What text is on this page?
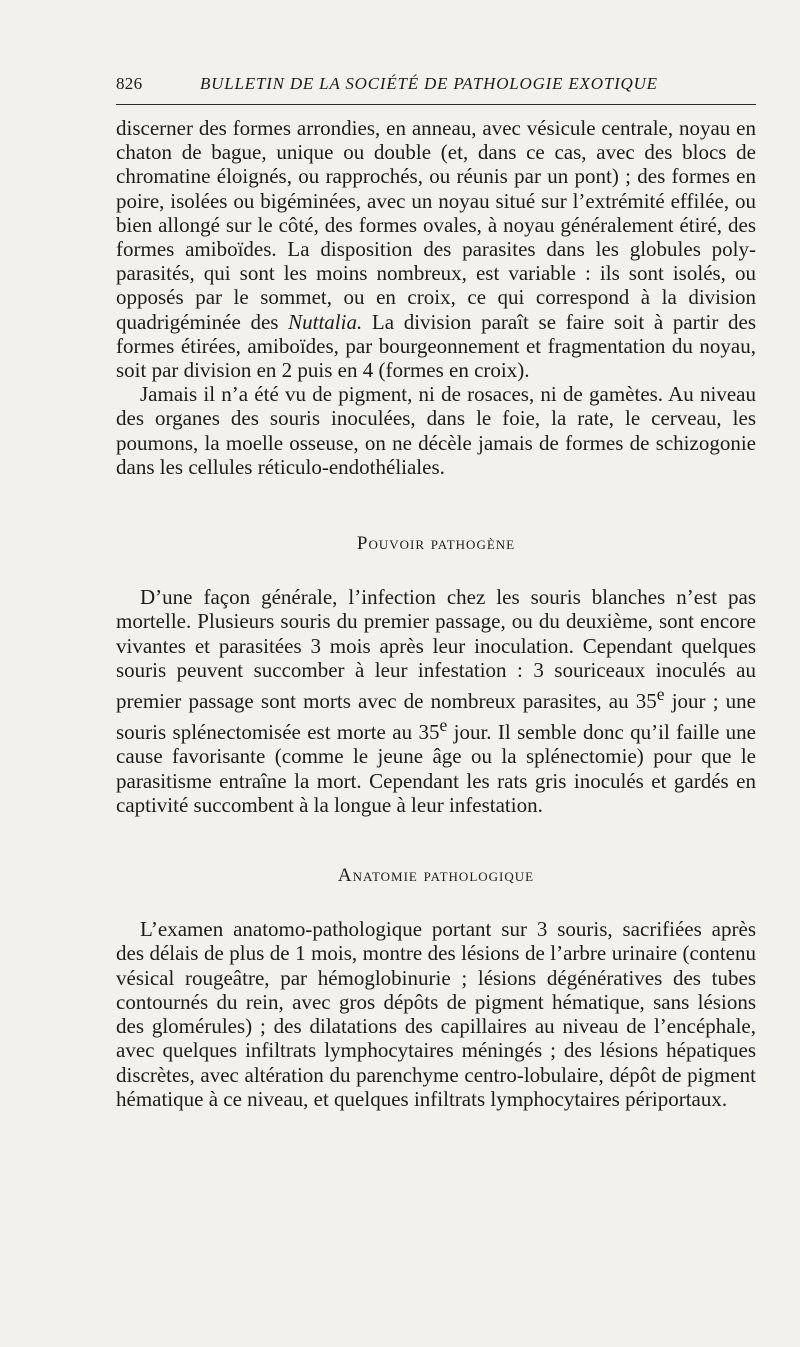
826	BULLETIN DE LA SOCIÉTÉ DE PATHOLOGIE EXOTIQUE

discerner des formes arrondies, en anneau, avec vésicule centrale, noyau en chaton de bague, unique ou double (et, dans ce cas, avec des blocs de chromatine éloignés, ou rapprochés, ou réunis par un pont) ; des formes en poire, isolées ou bigéminées, avec un noyau situé sur l’extrémité effilée, ou bien allongé sur le côté, des formes ovales, à noyau généralement étiré, des formes amiboïdes. La disposition des parasites dans les globules poly-parasités, qui sont les moins nombreux, est variable : ils sont isolés, ou opposés par le sommet, ou en croix, ce qui correspond à la division quadrigéminée des Nuttalia. La division paraît se faire soit à partir des formes étirées, amiboïdes, par bourgeonnement et fragmentation du noyau, soit par division en 2 puis en 4 (formes en croix).

Jamais il n’a été vu de pigment, ni de rosaces, ni de gamètes. Au niveau des organes des souris inoculées, dans le foie, la rate, le cerveau, les poumons, la moelle osseuse, on ne décèle jamais de formes de schizogonie dans les cellules réticulo-endothéliales.

Pouvoir pathogène

D’une façon générale, l’infection chez les souris blanches n’est pas mortelle. Plusieurs souris du premier passage, ou du deuxième, sont encore vivantes et parasitées 3 mois après leur inoculation. Cependant quelques souris peuvent succomber à leur infestation : 3 souriceaux inoculés au premier passage sont morts avec de nombreux parasites, au 35e jour ; une souris splénectomisée est morte au 35e jour. Il semble donc qu’il faille une cause favorisante (comme le jeune âge ou la splénectomie) pour que le parasitisme entraîne la mort. Cependant les rats gris inoculés et gardés en captivité succombent à la longue à leur infestation.

Anatomie pathologique

L’examen anatomo-pathologique portant sur 3 souris, sacrifiées après des délais de plus de 1 mois, montre des lésions de l’arbre urinaire (contenu vésical rougeâtre, par hémoglobinurie ; lésions dégénératives des tubes contournés du rein, avec gros dépôts de pigment hématique, sans lésions des glomérules) ; des dilatations des capillaires au niveau de l’encéphale, avec quelques infiltrats lymphocytaires méningés ; des lésions hépatiques discrètes, avec altération du parenchyme centro-lobulaire, dépôt de pigment hématique à ce niveau, et quelques infiltrats lymphocytaires périportaux.
